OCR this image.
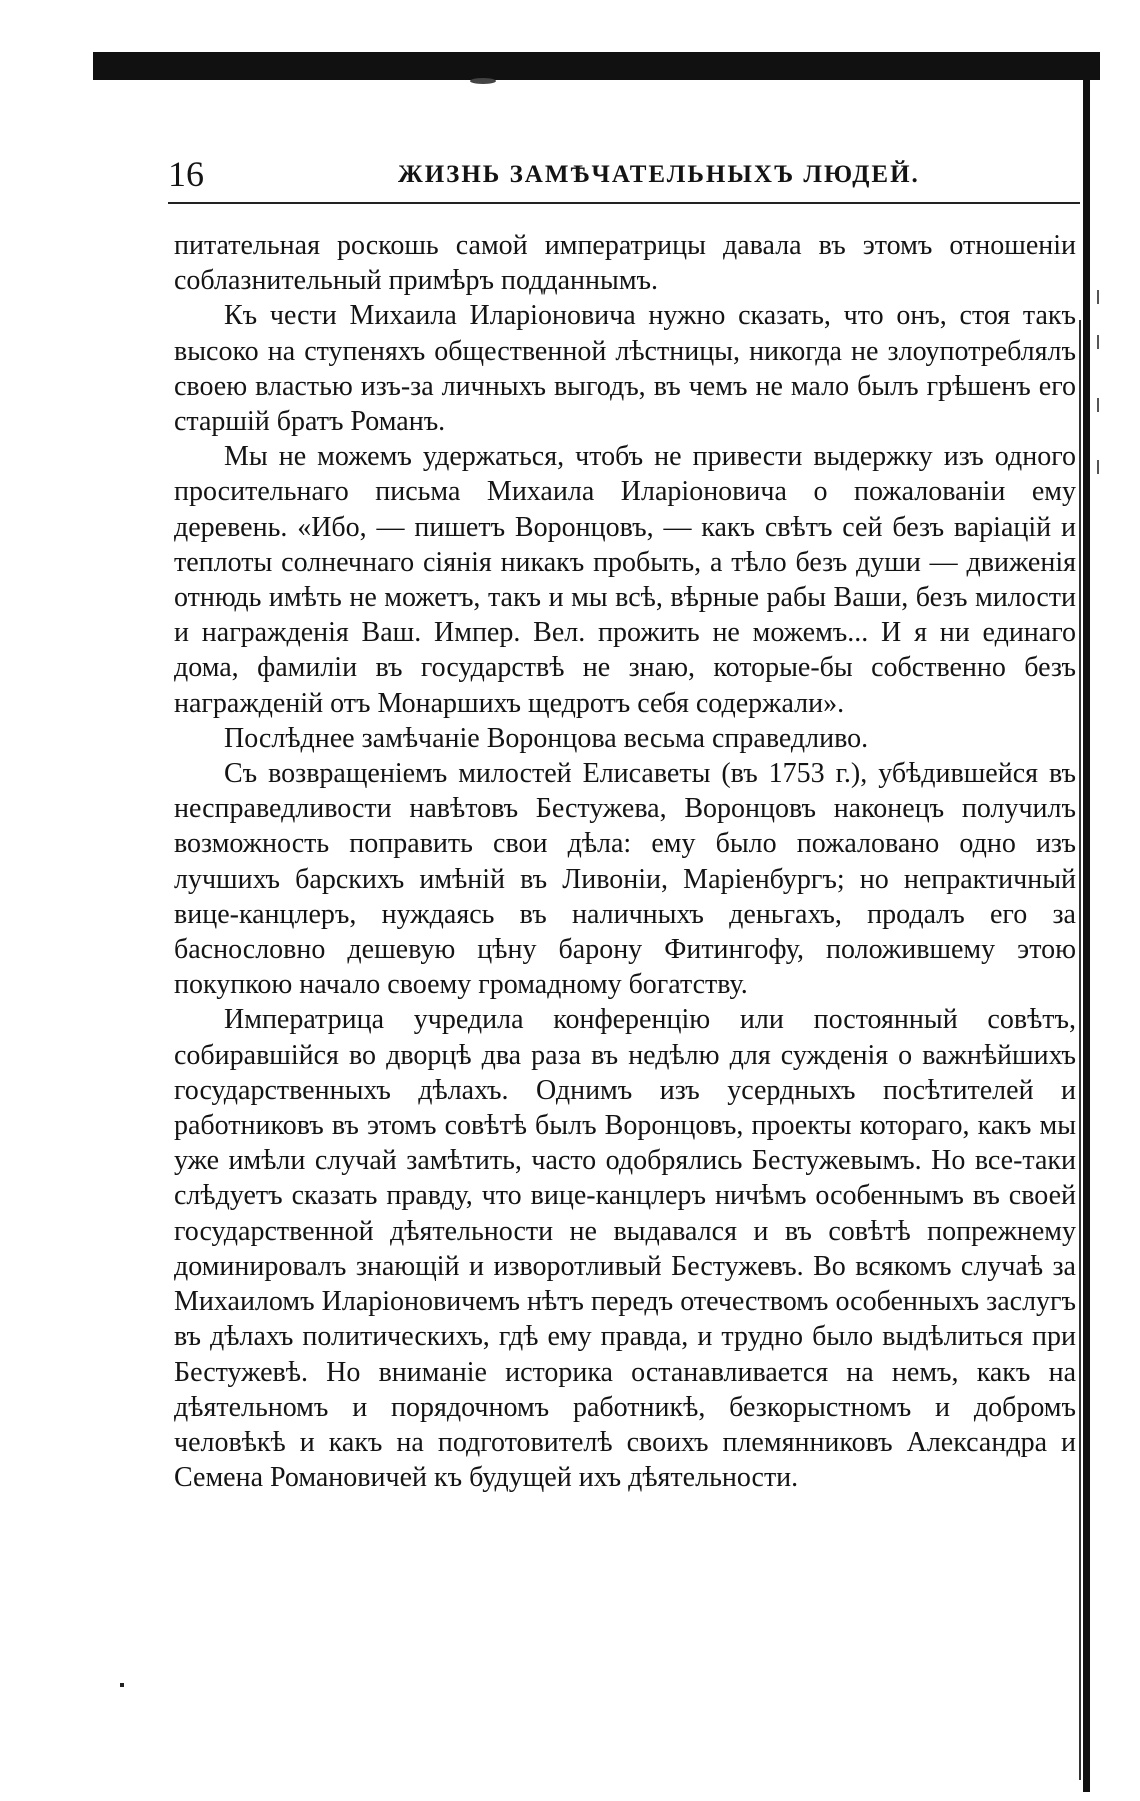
16	ЖИЗНЬ ЗАМѢЧАТЕЛЬНЫХЪ ЛЮДЕЙ.

питательная роскошь самой императрицы давала въ этомъ отношеніи соблазнительный примѣръ подданнымъ.

Къ чести Михаила Иларіоновича нужно сказать, что онъ, стоя такъ высоко на ступеняхъ общественной лѣстницы, никогда не злоупотреблялъ своею властью изъ-за личныхъ выгодъ, въ чемъ не мало былъ грѣшенъ его старшій братъ Романъ.

Мы не можемъ удержаться, чтобъ не привести выдержку изъ одного просительнаго письма Михаила Иларіоновича о пожалованіи ему деревень. «Ибо, — пишетъ Воронцовъ, — какъ свѣтъ сей безъ варіацій и теплоты солнечнаго сіянія никакъ пробыть, а тѣло безъ души — движенія отнюдь имѣть не можетъ, такъ и мы всѣ, вѣрные рабы Ваши, безъ милости и награжденія Ваш. Импер. Вел. прожить не можемъ... И я ни единаго дома, фамиліи въ государствѣ не знаю, которые-бы собственно безъ награжденій отъ Монаршихъ щедротъ себя содержали».

Послѣднее замѣчаніе Воронцова весьма справедливо.

Съ возвращеніемъ милостей Елисаветы (въ 1753 г.), убѣдившейся въ несправедливости навѣтовъ Бестужева, Воронцовъ наконецъ получилъ возможность поправить свои дѣла: ему было пожаловано одно изъ лучшихъ барскихъ имѣній въ Ливоніи, Маріенбургъ; но непрактичный вице-канцлеръ, нуждаясь въ наличныхъ деньгахъ, продалъ его за баснословно дешевую цѣну барону Фитингофу, положившему этою покупкою начало своему громадному богатству.

Императрица учредила конференцію или постоянный совѣтъ, собиравшійся во дворцѣ два раза въ недѣлю для сужденія о важнѣйшихъ государственныхъ дѣлахъ. Однимъ изъ усердныхъ посѣтителей и работниковъ въ этомъ совѣтѣ былъ Воронцовъ, проекты котораго, какъ мы уже имѣли случай замѣтить, часто одобрялись Бестужевымъ. Но все-таки слѣдуетъ сказать правду, что вице-канцлеръ ничѣмъ особеннымъ въ своей государственной дѣятельности не выдавался и въ совѣтѣ попрежнему доминировалъ знающій и изворотливый Бестужевъ. Во всякомъ случаѣ за Михаиломъ Иларіоновичемъ нѣтъ передъ отечествомъ особенныхъ заслугъ въ дѣлахъ политическихъ, гдѣ ему правда, и трудно было выдѣлиться при Бестужевѣ. Но вниманіе историка останавливается на немъ, какъ на дѣятельномъ и порядочномъ работникѣ, безкорыстномъ и добромъ человѣкѣ и какъ на подготовителѣ своихъ племянниковъ Александра и Семена Романовичей къ будущей ихъ дѣятельности.
